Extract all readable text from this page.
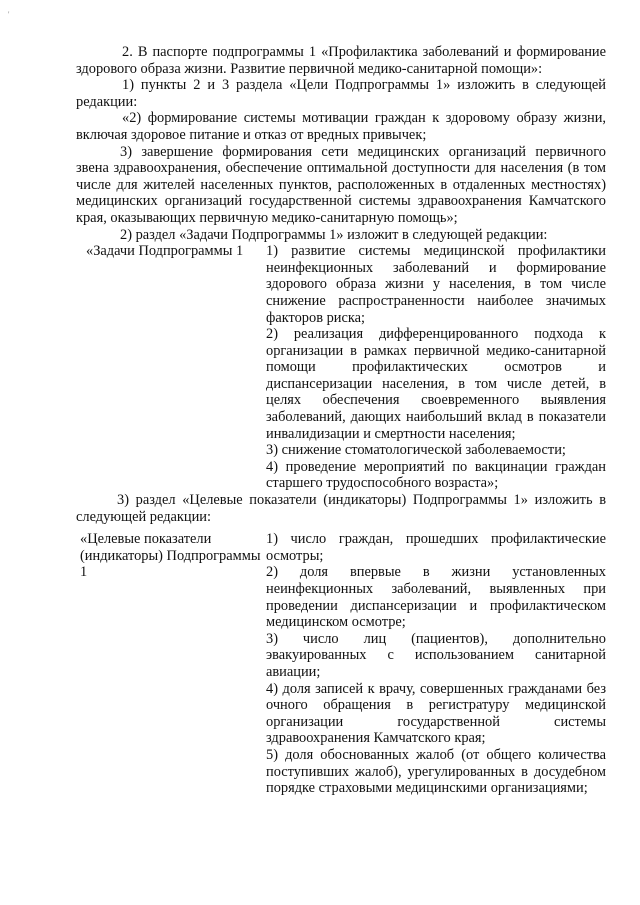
'

2. В паспорте подпрограммы 1 «Профилактика заболеваний и формирование здорового образа жизни. Развитие первичной медико-санитарной помощи»:

1) пункты 2 и 3 раздела «Цели Подпрограммы 1» изложить в следующей редакции:

«2) формирование системы мотивации граждан к здоровому образу жизни, включая здоровое питание и отказ от вредных привычек;

3) завершение формирования сети медицинских организаций первичного звена здравоохранения, обеспечение оптимальной доступности для населения (в том числе для жителей населенных пунктов, расположенных в отдаленных местностях) медицинских организаций государственной системы здравоохранения Камчатского края, оказывающих первичную медико-санитарную помощь»;

2) раздел «Задачи Подпрограммы 1» изложит в следующей редакции:

«Задачи Подпрограммы 1	1) развитие системы медицинской профилактики неинфекционных заболеваний и формирование здорового образа жизни у населения, в том числе снижение распространенности наиболее значимых факторов риска;

2) реализация дифференцированного подхода к организации в рамках первичной медико-санитарной помощи профилактических осмотров и диспансеризации населения, в том числе детей, в целях обеспечения своевременного выявления заболеваний, дающих наибольший вклад в показатели инвалидизации и смертности населения;

3) снижение стоматологической заболеваемости;

4) проведение мероприятий по вакцинации граждан старшего трудоспособного возраста»;

3) раздел «Целевые показатели (индикаторы) Подпрограммы 1» изложить в следующей редакции:

«Целевые показатели (индикаторы) Подпрограммы 1

1) число граждан, прошедших профилактические осмотры;

2) доля впервые в жизни установленных неинфекционных заболеваний, выявленных при проведении диспансеризации и профилактическом медицинском осмотре;

3) число лиц (пациентов), дополнительно эвакуированных с использованием санитарной авиации;

4) доля записей к врачу, совершенных гражданами без очного обращения в регистратуру медицинской организации государственной системы здравоохранения Камчатского края;

5) доля обоснованных жалоб (от общего количества поступивших жалоб), урегулированных в досудебном порядке страховыми медицинскими организациями;
